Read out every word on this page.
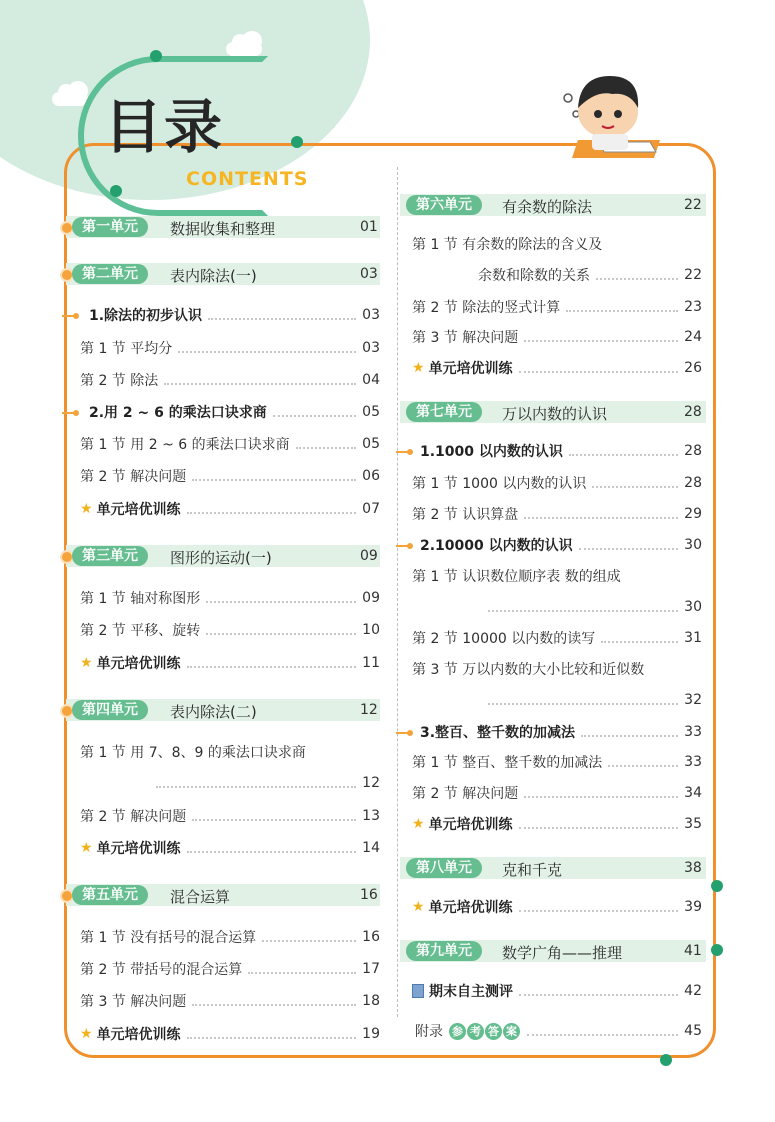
目录
CONTENTS
第一单元	数据收集和整理	01
第二单元	表内除法(一)	03
1.除法的初步认识	03
第 1 节 平均分	03
第 2 节 除法	04
2.用 2 ~ 6 的乘法口诀求商	05
第 1 节 用 2 ~ 6 的乘法口诀求商	05
第 2 节 解决问题	06
★ 单元培优训练	07
第三单元	图形的运动(一)	09
第 1 节 轴对称图形	09
第 2 节 平移、旋转	10
★ 单元培优训练	11
第四单元	表内除法(二)	12
第 1 节 用 7、8、9 的乘法口诀求商
12
第 2 节 解决问题	13
★ 单元培优训练	14
第五单元	混合运算	16
第 1 节 没有括号的混合运算	16
第 2 节 带括号的混合运算	17
第 3 节 解决问题	18
★ 单元培优训练	19
第六单元	有余数的除法	22
第 1 节 有余数的除法的含义及
余数和除数的关系	22
第 2 节 除法的竖式计算	23
第 3 节 解决问题	24
★ 单元培优训练	26
第七单元	万以内数的认识	28
1.1000 以内数的认识	28
第 1 节 1000 以内数的认识	28
第 2 节 认识算盘	29
2.10000 以内数的认识	30
第 1 节 认识数位顺序表 数的组成
30
第 2 节 10000 以内数的读写	31
第 3 节 万以内数的大小比较和近似数
32
3.整百、整千数的加减法	33
第 1 节 整百、整千数的加减法	33
第 2 节 解决问题	34
★ 单元培优训练	35
第八单元	克和千克	38
★ 单元培优训练	39
第九单元	数学广角——推理	41
期末自主测评	42
附录 参 考 答 案	45
